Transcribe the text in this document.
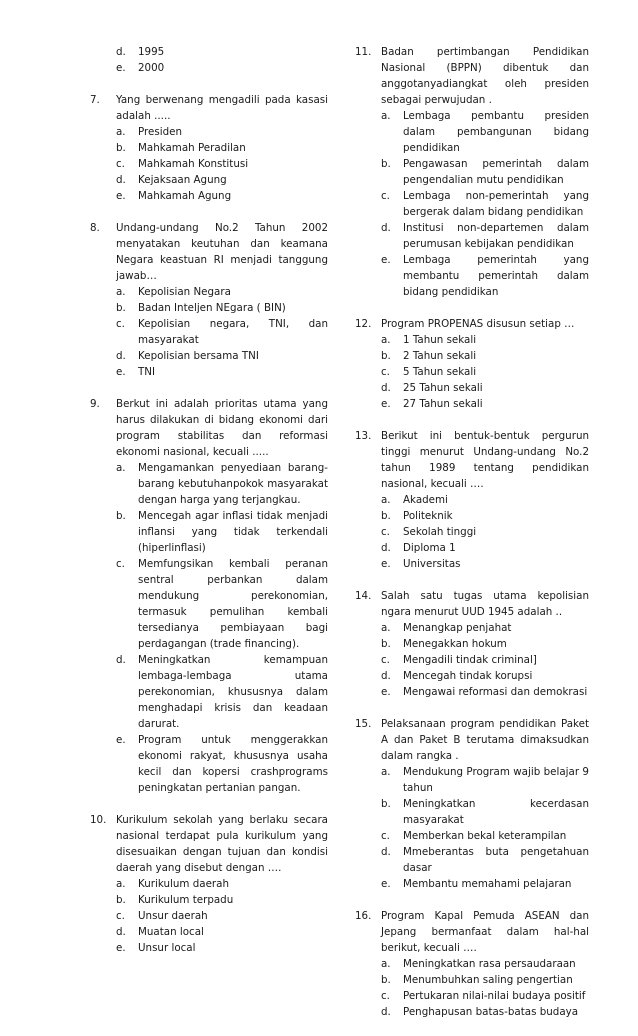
d.	1995
e.	2000
7.	Yang berwenang mengadili pada kasasi adalah .....
a.	Presiden
b.	Mahkamah Peradilan
c.	Mahkamah Konstitusi
d.	Kejaksaan Agung
e.	Mahkamah Agung
8.	Undang-undang No.2 Tahun 2002 menyatakan keutuhan dan keamana Negara keastuan RI menjadi tanggung jawab…
a.	Kepolisian Negara
b.	Badan Inteljen NEgara ( BIN)
c.	Kepolisian negara, TNI, dan masyarakat
d.	Kepolisian bersama TNI
e.	TNI
9.	Berkut ini adalah prioritas utama yang harus dilakukan di bidang ekonomi dari program stabilitas dan reformasi ekonomi nasional, kecuali .....
a.	Mengamankan penyediaan barang-barang kebutuhanpokok masyarakat dengan harga yang terjangkau.
b.	Mencegah agar inflasi tidak menjadi inflansi yang tidak terkendali (hiperlinflasi)
c.	Memfungsikan kembali peranan sentral perbankan dalam mendukung perekonomian, termasuk pemulihan kembali tersedianya pembiayaan bagi perdagangan (trade financing).
d.	Meningkatkan kemampuan lembaga-lembaga utama perekonomian, khususnya dalam menghadapi krisis dan keadaan darurat.
e.	Program untuk menggerakkan ekonomi rakyat, khususnya usaha kecil dan kopersi crashprograms peningkatan pertanian pangan.
10. Kurikulum sekolah yang berlaku secara nasional terdapat pula kurikulum yang disesuaikan dengan tujuan dan kondisi daerah yang disebut dengan ….
a.	Kurikulum daerah
b.	Kurikulum terpadu
c.	Unsur daerah
d.	Muatan local
e.	Unsur local
11. Badan pertimbangan Pendidikan Nasional (BPPN) dibentuk dan anggotanyadiangkat oleh presiden sebagai perwujudan .
a.	Lembaga pembantu presiden dalam pembangunan bidang pendidikan
b.	Pengawasan pemerintah dalam pengendalian mutu pendidikan
c.	Lembaga non-pemerintah yang bergerak dalam bidang pendidikan
d.	Institusi non-departemen dalam perumusan kebijakan pendidikan
e.	Lembaga pemerintah yang membantu pemerintah dalam bidang pendidikan
12. Program PROPENAS disusun setiap …
a.	1 Tahun sekali
b.	2 Tahun sekali
c.	5 Tahun sekali
d.	25 Tahun sekali
e.	27 Tahun sekali
13. Berikut ini bentuk-bentuk pergurun tinggi menurut Undang-undang No.2 tahun 1989 tentang pendidikan nasional, kecuali ….
a.	Akademi
b.	Politeknik
c.	Sekolah tinggi
d.	Diploma 1
e.	Universitas
14. Salah satu tugas utama kepolisian ngara menurut UUD 1945 adalah ..
a.	Menangkap penjahat
b.	Menegakkan hokum
c.	Mengadili tindak criminal]
d.	Mencegah tindak korupsi
e.	Mengawai reformasi dan demokrasi
15. Pelaksanaan program pendidikan Paket A dan Paket B terutama dimaksudkan dalam rangka .
a.	Mendukung Program wajib belajar 9 tahun
b.	Meningkatkan kecerdasan masyarakat
c.	Memberkan bekal keterampilan
d.	Mmeberantas buta pengetahuan dasar
e.	Membantu memahami pelajaran
16. Program Kapal Pemuda ASEAN dan Jepang bermanfaat dalam hal-hal berikut, kecuali ….
a.	Meningkatkan rasa persaudaraan
b.	Menumbuhkan saling pengertian
c.	Pertukaran nilai-nilai budaya positif
d.	Penghapusan batas-batas budaya
